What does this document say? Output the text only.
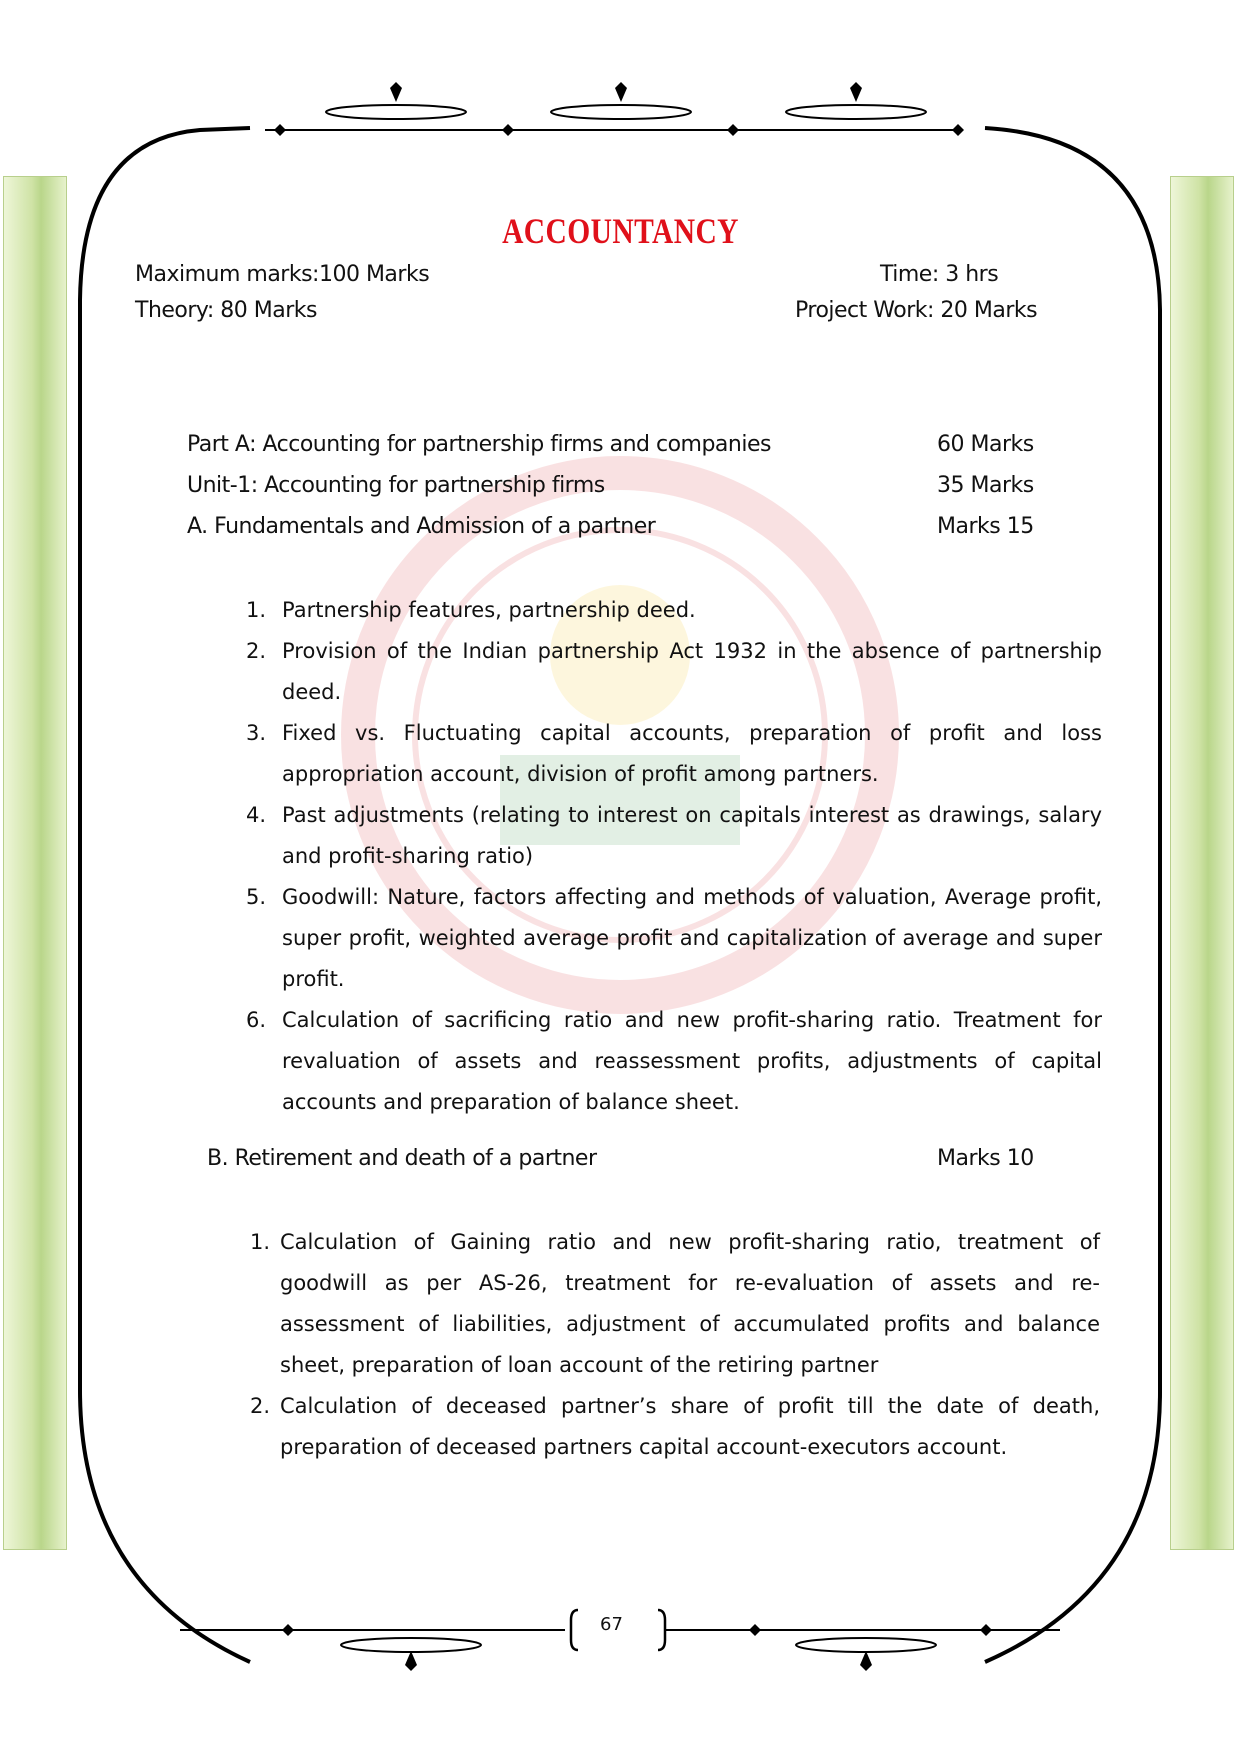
ACCOUNTANCY
Maximum marks:100 Marks	Time: 3 hrs
Theory: 80 Marks	Project Work: 20 Marks
Part A: Accounting for partnership firms and companies	60 Marks
Unit-1: Accounting for partnership firms	35 Marks
A. Fundamentals and Admission of a partner	Marks 15
1. Partnership features, partnership deed.
2. Provision of the Indian partnership Act 1932 in the absence of partnership deed.
3. Fixed vs. Fluctuating capital accounts, preparation of profit and loss appropriation account, division of profit among partners.
4. Past adjustments (relating to interest on capitals interest as drawings, salary and profit-sharing ratio)
5. Goodwill: Nature, factors affecting and methods of valuation, Average profit, super profit, weighted average profit and capitalization of average and super profit.
6. Calculation of sacrificing ratio and new profit-sharing ratio. Treatment for revaluation of assets and reassessment profits, adjustments of capital accounts and preparation of balance sheet.
B. Retirement and death of a partner	Marks 10
1. Calculation of Gaining ratio and new profit-sharing ratio, treatment of goodwill as per AS-26, treatment for re-evaluation of assets and re-assessment of liabilities, adjustment of accumulated profits and balance sheet, preparation of loan account of the retiring partner
2. Calculation of deceased partner’s share of profit till the date of death, preparation of deceased partners capital account-executors account.
67
